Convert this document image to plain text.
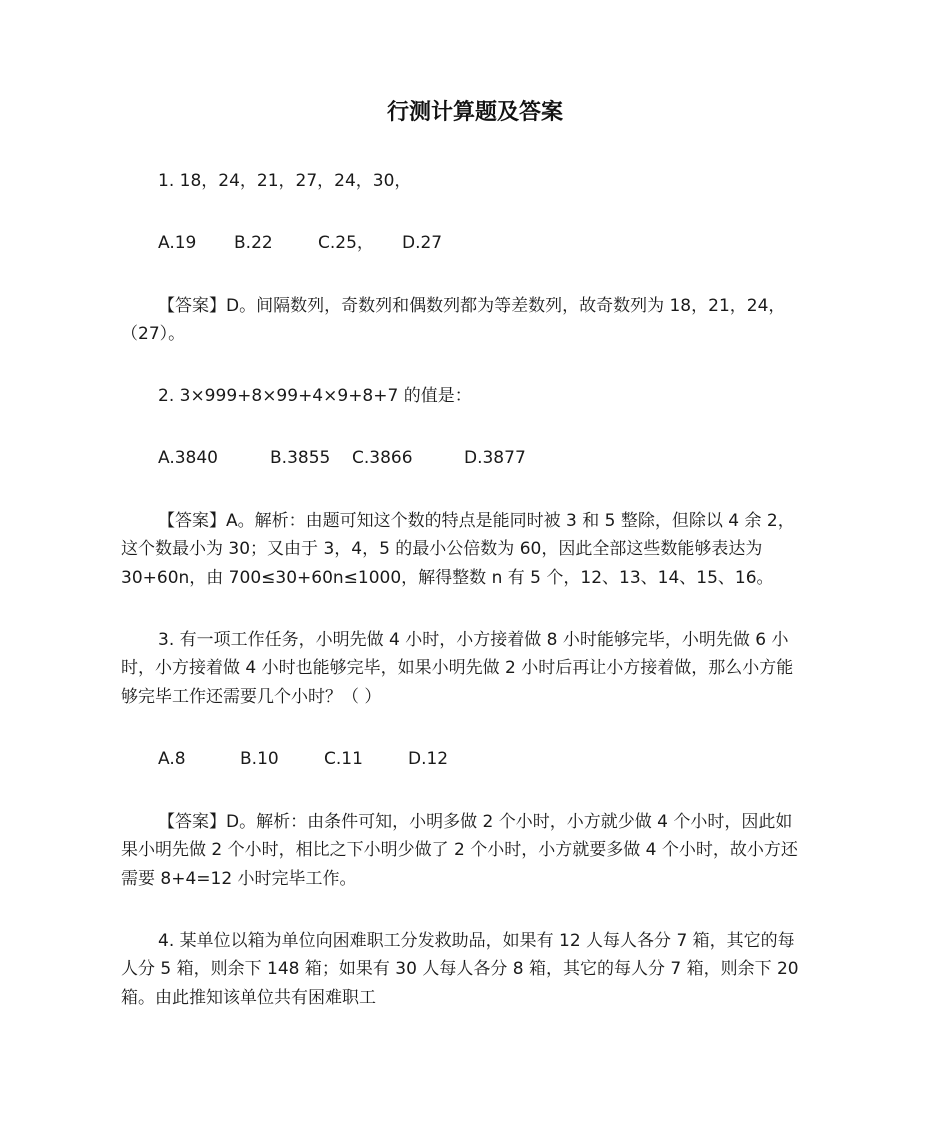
行测计算题及答案
1. 18，24，21，27，24，30，
A.19 B.22	C.25， D.27
【答案】D。间隔数列，奇数列和偶数列都为等差数列，故奇数列为 18，21，24，
（27）。
2. 3×999+8×99+4×9+8+7 的值是：
A.3840	B.3855 C.3866	D.3877
【答案】A。解析：由题可知这个数的特点是能同时被 3 和 5 整除，但除以 4 余 2，
这个数最小为 30；又由于 3，4，5 的最小公倍数为 60，因此全部这些数能够表达为
30+60n，由 700≤30+60n≤1000，解得整数 n 有 5 个，12、13、14、15、16。
3. 有一项工作任务，小明先做 4 小时，小方接着做 8 小时能够完毕，小明先做 6 小
时，小方接着做 4 小时也能够完毕，如果小明先做 2 小时后再让小方接着做，那么小方能
够完毕工作还需要几个小时？（ ）
A.8	B.10	C.11	D.12
【答案】D。解析：由条件可知，小明多做 2 个小时，小方就少做 4 个小时，因此如
果小明先做 2 个小时，相比之下小明少做了 2 个小时，小方就要多做 4 个小时，故小方还
需要 8+4=12 小时完毕工作。
4. 某单位以箱为单位向困难职工分发救助品，如果有 12 人每人各分 7 箱，其它的每
人分 5 箱，则余下 148 箱；如果有 30 人每人各分 8 箱，其它的每人分 7 箱，则余下 20
箱。由此推知该单位共有困难职工
